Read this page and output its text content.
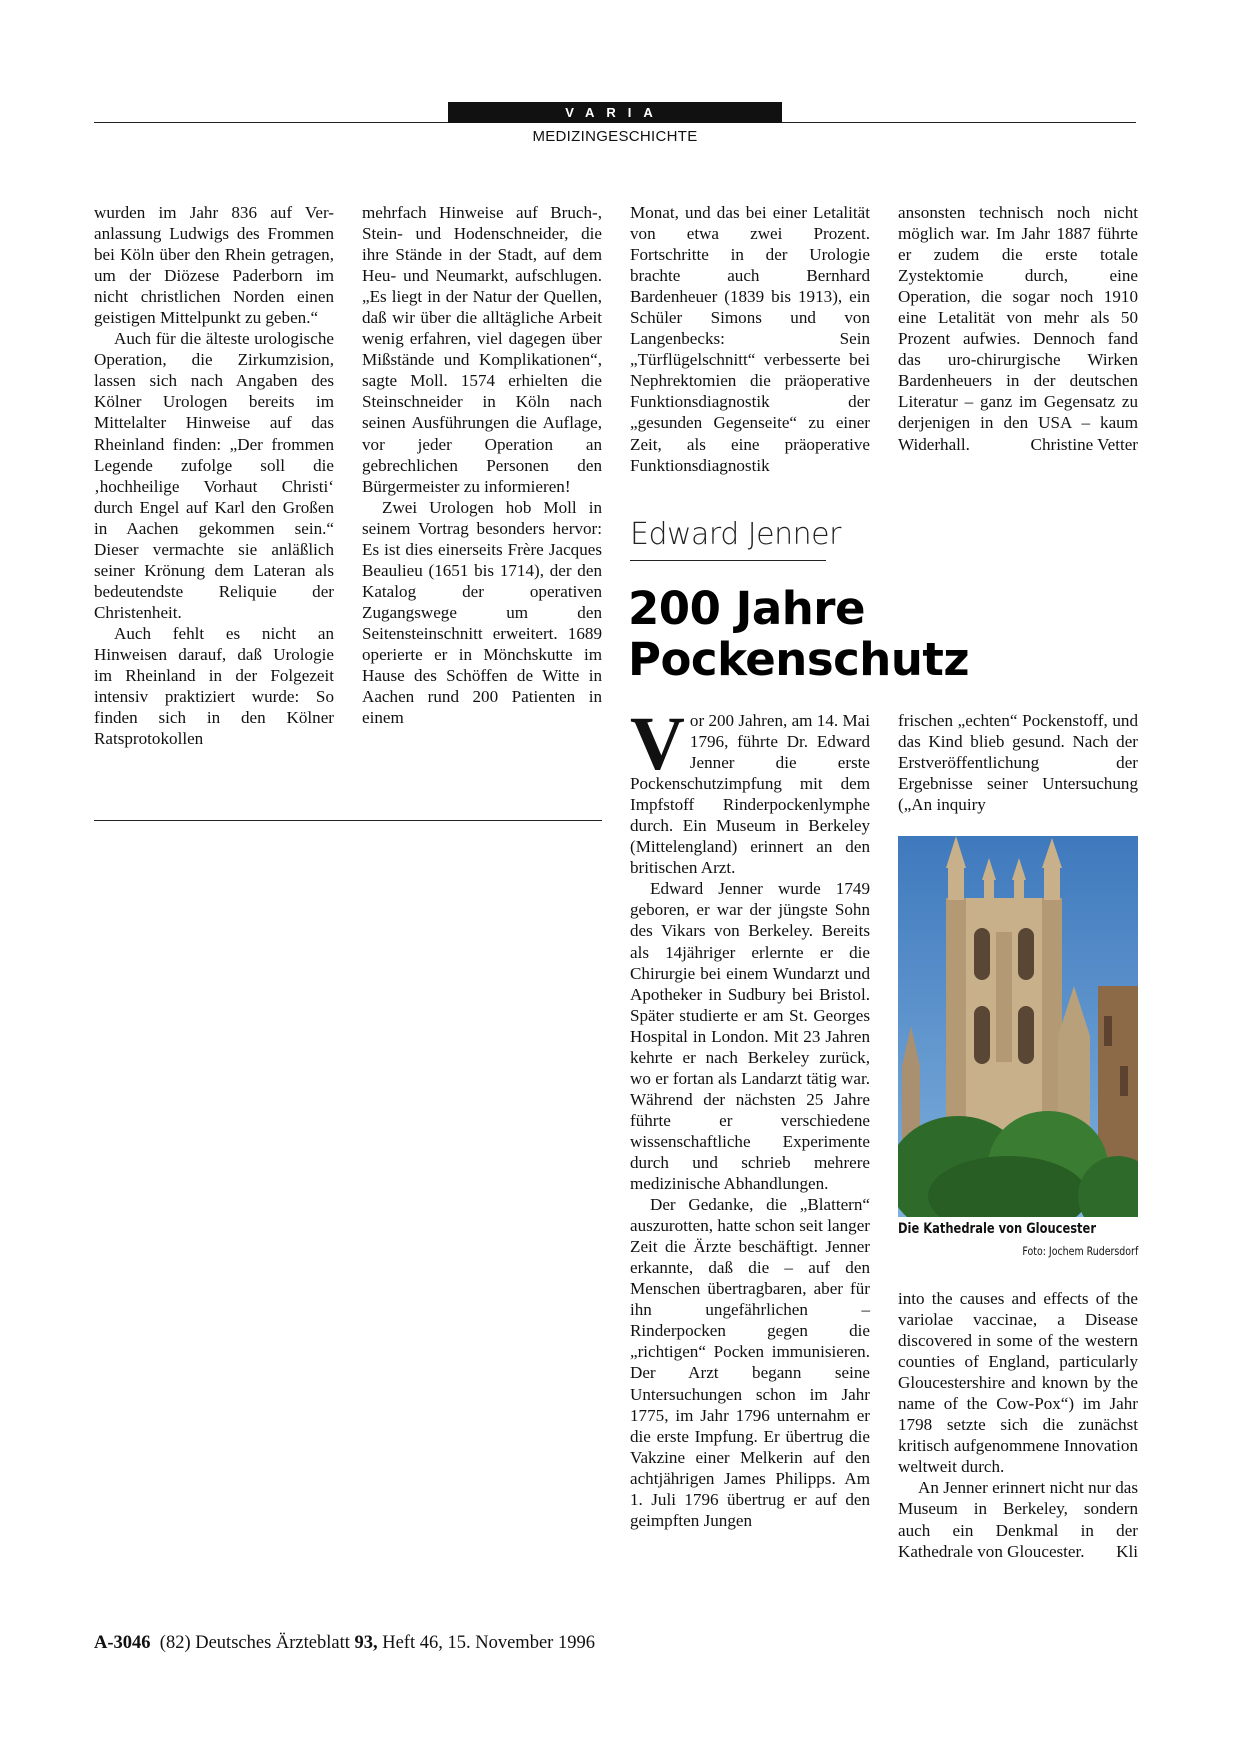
VARIA
MEDIZINGESCHICHTE

wurden im Jahr 836 auf Ver-anlassung Ludwigs des Frommen bei Köln über den Rhein getragen, um der Diözese Paderborn im nicht christlichen Norden einen geistigen Mittelpunkt zu geben.“

Auch für die älteste urologische Operation, die Zirkumzision, lassen sich nach Angaben des Kölner Urologen bereits im Mittelalter Hinweise auf das Rheinland finden: „Der frommen Legende zufolge soll die ‚hochheilige Vorhaut Christi‘ durch Engel auf Karl den Großen in Aachen gekommen sein.“ Dieser vermachte sie anläßlich seiner Krönung dem Lateran als bedeutendste Reliquie der Christenheit.

Auch fehlt es nicht an Hinweisen darauf, daß Urologie im Rheinland in der Folgezeit intensiv praktiziert wurde: So finden sich in den Kölner Ratsprotokollen

mehrfach Hinweise auf Bruch-, Stein- und Hodenschneider, die ihre Stände in der Stadt, auf dem Heu- und Neumarkt, aufschlugen. „Es liegt in der Natur der Quellen, daß wir über die alltägliche Arbeit wenig erfahren, viel dagegen über Mißstände und Komplikationen“, sagte Moll. 1574 erhielten die Steinschneider in Köln nach seinen Ausführungen die Auflage, vor jeder Operation an gebrechlichen Personen den Bürgermeister zu informieren!

Zwei Urologen hob Moll in seinem Vortrag besonders hervor: Es ist dies einerseits Frère Jacques Beaulieu (1651 bis 1714), der den Katalog der operativen Zugangswege um den Seitensteinschnitt erweitert. 1689 operierte er in Mönchskutte im Hause des Schöffen de Witte in Aachen rund 200 Patienten in einem

Monat, und das bei einer Letalität von etwa zwei Prozent. Fortschritte in der Urologie brachte auch Bernhard Bardenheuer (1839 bis 1913), ein Schüler Simons und von Langenbecks: Sein „Türflügelschnitt“ verbesserte bei Nephrektomien die präoperative Funktionsdiagnostik der „gesunden Gegenseite“ zu einer Zeit, als eine präoperative Funktionsdiagnostik

ansonsten technisch noch nicht möglich war. Im Jahr 1887 führte er zudem die erste totale Zystektomie durch, eine Operation, die sogar noch 1910 eine Letalität von mehr als 50 Prozent aufwies. Dennoch fand das uro-chirurgische Wirken Bardenheuers in der deutschen Literatur – ganz im Gegensatz zu derjenigen in den USA – kaum Widerhall.	Christine Vetter

Edward Jenner
200 Jahre
Pockenschutz

Vor 200 Jahren, am 14. Mai 1796, führte Dr. Edward Jenner die erste Pockenschutzimpfung mit dem Impfstoff Rinderpockenlymphe durch. Ein Museum in Berkeley (Mittelengland) erinnert an den britischen Arzt.

Edward Jenner wurde 1749 geboren, er war der jüngste Sohn des Vikars von Berkeley. Bereits als 14jähriger erlernte er die Chirurgie bei einem Wundarzt und Apotheker in Sudbury bei Bristol. Später studierte er am St. Georges Hospital in London. Mit 23 Jahren kehrte er nach Berkeley zurück, wo er fortan als Landarzt tätig war. Während der nächsten 25 Jahre führte er verschiedene wissenschaftliche Experimente durch und schrieb mehrere medizinische Abhandlungen.

Der Gedanke, die „Blattern“ auszurotten, hatte schon seit langer Zeit die Ärzte beschäftigt. Jenner erkannte, daß die – auf den Menschen übertragbaren, aber für ihn ungefährlichen – Rinderpocken gegen die „richtigen“ Pocken immunisieren. Der Arzt begann seine Untersuchungen schon im Jahr 1775, im Jahr 1796 unternahm er die erste Impfung. Er übertrug die Vakzine einer Melkerin auf den achtjährigen James Philipps. Am 1. Juli 1796 übertrug er auf den geimpften Jungen

frischen „echten“ Pockenstoff, und das Kind blieb gesund. Nach der Erstveröffentlichung der Ergebnisse seiner Untersuchung („An inquiry

Die Kathedrale von Gloucester
Foto: Jochem Rudersdorf

into the causes and effects of the variolae vaccinae, a Disease discovered in some of the western counties of England, particularly Gloucestershire and known by the name of the Cow-Pox“) im Jahr 1798 setzte sich die zunächst kritisch aufgenommene Innovation weltweit durch.

An Jenner erinnert nicht nur das Museum in Berkeley, sondern auch ein Denkmal in der Kathedrale von Gloucester.	Kli

A-3046 (82) Deutsches Ärzteblatt 93, Heft 46, 15. November 1996
